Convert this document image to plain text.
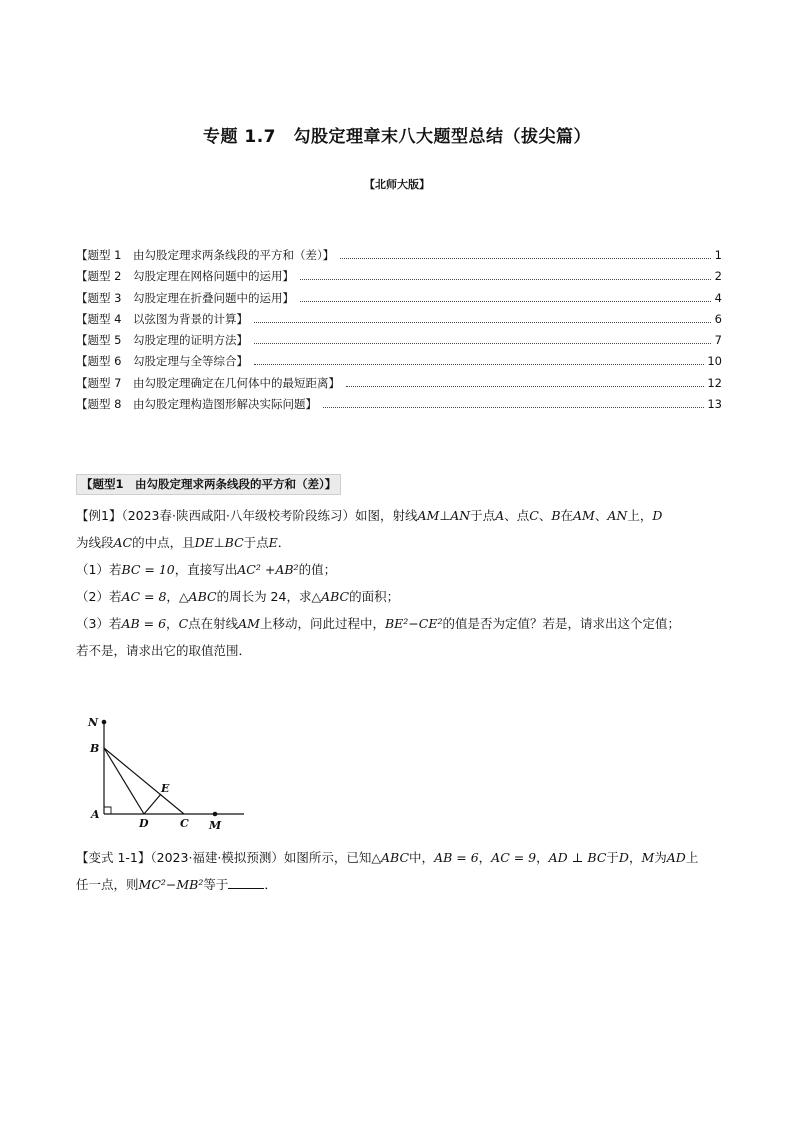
专题 1.7　勾股定理章末八大题型总结（拔尖篇）
【北师大版】
【题型 1　由勾股定理求两条线段的平方和（差）】	1
【题型 2　勾股定理在网格问题中的运用】	2
【题型 3　勾股定理在折叠问题中的运用】	4
【题型 4　以弦图为背景的计算】	6
【题型 5　勾股定理的证明方法】	7
【题型 6　勾股定理与全等综合】	10
【题型 7　由勾股定理确定在几何体中的最短距离】	12
【题型 8　由勾股定理构造图形解决实际问题】	13
【题型1　由勾股定理求两条线段的平方和（差）】
【例1】（2023春·陕西咸阳·八年级校考阶段练习）如图，射线AM⊥AN于点A、点C、B在AM、AN上，D
为线段AC的中点，且DE⊥BC于点E．
（1）若BC = 10，直接写出AC² +AB²的值；
（2）若AC = 8，△ABC的周长为 24，求△ABC的面积；
（3）若AB = 6，C点在射线AM上移动，问此过程中，BE²−CE²的值是否为定值？若是，请求出这个定值；
若不是，请求出它的取值范围．
N
B
E
A
D	C M
【变式 1-1】（2023·福建·模拟预测）如图所示，已知△ABC中，AB = 6，AC = 9，AD ⊥ BC于D，M为AD上
任一点，则MC²−MB²等于	．
